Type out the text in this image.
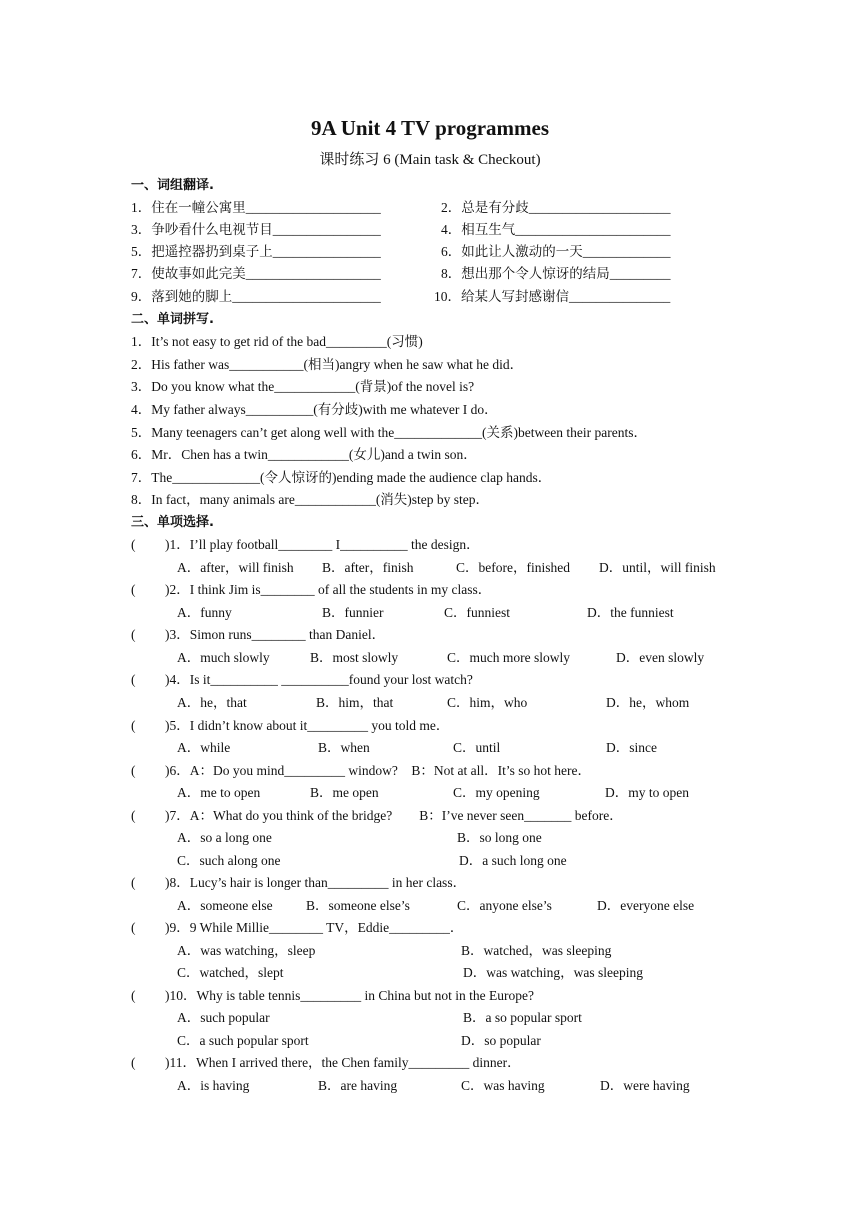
9A Unit 4 TV programmes
课时练习 6 (Main task & Checkout)
一、词组翻译.
1．住在一幢公寓里____________________	2．总是有分歧_____________________
3．争吵看什么电视节目________________	4．相互生气_______________________
5．把遥控器扔到桌子上________________	6．如此让人激动的一天_____________
7．使故事如此完美____________________	8．想出那个令人惊讶的结局_________
9．落到她的脚上______________________	10．给某人写封感谢信_______________
二、单词拼写.
1．It’s not easy to get rid of the bad_________(习惯)
2．His father was___________(相当)angry when he saw what he did．
3．Do you know what the____________(背景)of the novel is?
4．My father always__________(有分歧)with me whatever I do．
5．Many teenagers can’t get along well with the_____________(关系)between their parents．
6．Mr．Chen has a twin____________(女儿)and a twin son．
7．The_____________(令人惊讶的)ending made the audience clap hands．
8．In fact，many animals are____________(消失)step by step．
三、单项选择.
( )1．I’ll play football________ I__________ the design．
A．after，will finish B．after，finish	C．before，finished D．until，will finish
( )2．I think Jim is________ of all the students in my class．
A．funny	B．funnier	C．funniest	D．the funniest
( )3．Simon runs________ than Daniel．
A．much slowly	B．most slowly	C．much more slowly	D．even slowly
( )4．Is it__________ __________found your lost watch?
A．he，that	B．him，that	C．him，who	D．he，whom
( )5．I didn’t know about it_________ you told me．
A．while	B．when	C．until	D．since
( )6．A：Do you mind_________ window?　B：Not at all．It’s so hot here．
A．me to open	B．me open	C．my opening	D．my to open
( )7．A：What do you think of the bridge?　　B：I’ve never seen_______ before．
A．so a long one	B．so long one
C．such along one	D．a such long one
( )8．Lucy’s hair is longer than_________ in her class．
A．someone else B．someone else’s	C．anyone else’s	D．everyone else
( )9．9 While Millie________ TV，Eddie_________．
A．was watching，sleep	B．watched，was sleeping
C．watched，slept	D．was watching，was sleeping
( )10．Why is table tennis_________ in China but not in the Europe?
A．such popular	B．a so popular sport
C．a such popular sport	D．so popular
( )11．When I arrived there，the Chen family_________ dinner．
A．is having	B．are having	C．was having	D．were having
